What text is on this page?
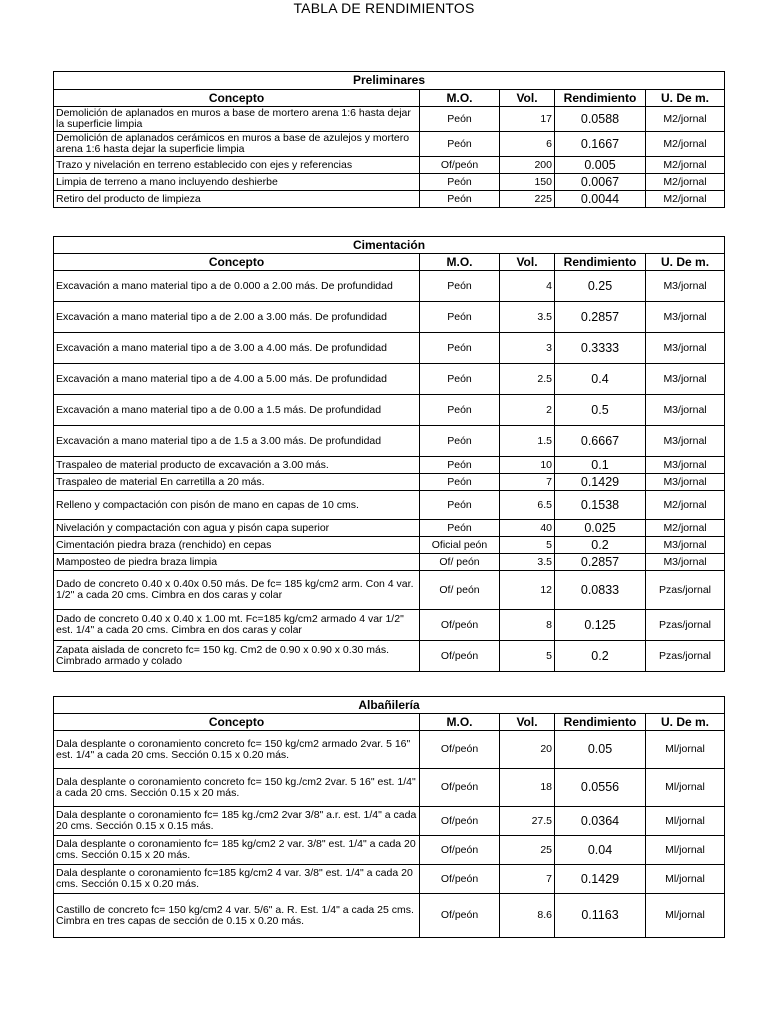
TABLA DE RENDIMIENTOS
Preliminares				
Concepto	M.O.	Vol.	Rendimiento	U. De m.
Demolición de aplanados en muros a base de mortero arena 1:6 hasta dejar la superficie limpia	Peón	17	0.0588	M2/jornal
Demolición de aplanados cerámicos en muros a base de azulejos y mortero arena 1:6 hasta dejar la superficie limpia	Peón	6	0.1667	M2/jornal
Trazo y nivelación en terreno establecido con ejes y referencias	Of/peón	200	0.005	M2/jornal
Limpia de terreno a mano incluyendo deshierbe	Peón	150	0.0067	M2/jornal
Retiro del producto de limpieza	Peón	225	0.0044	M2/jornal
Cimentación				
Concepto	M.O.	Vol.	Rendimiento	U. De m.
Excavación a mano material tipo a de 0.000 a 2.00 más. De profundidad	Peón	4	0.25	M3/jornal
Excavación a mano material tipo a de 2.00 a 3.00 más. De profundidad	Peón	3.5	0.2857	M3/jornal
Excavación a mano material tipo a de 3.00 a 4.00 más. De profundidad	Peón	3	0.3333	M3/jornal
Excavación a mano material tipo a de 4.00 a 5.00 más. De profundidad	Peón	2.5	0.4	M3/jornal
Excavación a mano material tipo a de 0.00 a 1.5 más. De profundidad	Peón	2	0.5	M3/jornal
Excavación a mano material tipo a de 1.5 a 3.00 más. De profundidad	Peón	1.5	0.6667	M3/jornal
Traspaleo de material producto de excavación a 3.00 más.	Peón	10	0.1	M3/jornal
Traspaleo de material En carretilla a 20 más.	Peón	7	0.1429	M3/jornal
Relleno y compactación con pisón de mano en capas de 10 cms.	Peón	6.5	0.1538	M2/jornal
Nivelación y compactación con agua y pisón capa superior	Peón	40	0.025	M2/jornal
Cimentación piedra braza (renchido) en cepas	Oficial peón	5	0.2	M3/jornal
Mamposteo de piedra braza limpia	Of/ peón	3.5	0.2857	M3/jornal
Dado de concreto 0.40 x 0.40x 0.50 más. De fc= 185 kg/cm2 arm. Con 4 var. 1/2" a cada 20 cms. Cimbra en dos caras y colar	Of/ peón	12	0.0833	Pzas/jornal
Dado de concreto 0.40 x 0.40 x 1.00 mt. Fc=185 kg/cm2 armado 4 var 1/2" est. 1/4" a cada 20 cms. Cimbra en dos caras y colar	Of/peón	8	0.125	Pzas/jornal
Zapata aislada de concreto fc= 150 kg. Cm2 de 0.90 x 0.90 x 0.30 más. Cimbrado armado y colado	Of/peón	5	0.2	Pzas/jornal
Albañilería				
Concepto	M.O.	Vol.	Rendimiento	U. De m.
Dala desplante o coronamiento concreto fc= 150 kg/cm2 armado 2var. 5 16" est. 1/4" a cada 20 cms. Sección 0.15 x 0.20 más.	Of/peón	20	0.05	Ml/jornal
Dala desplante o coronamiento concreto fc= 150 kg./cm2 2var. 5 16" est. 1/4" a cada 20 cms. Sección 0.15 x 20 más.	Of/peón	18	0.0556	Ml/jornal
Dala desplante o coronamiento fc= 185 kg./cm2 2var 3/8" a.r. est. 1/4" a cada 20 cms. Sección 0.15 x 0.15 más.	Of/peón	27.5	0.0364	Ml/jornal
Dala desplante o coronamiento fc= 185 kg/cm2 2 var. 3/8" est. 1/4" a cada 20 cms. Sección 0.15 x 20 más.	Of/peón	25	0.04	Ml/jornal
Dala desplante o coronamiento fc=185 kg/cm2 4 var. 3/8" est. 1/4" a cada 20 cms. Sección 0.15 x 0.20 más.	Of/peón	7	0.1429	Ml/jornal
Castillo de concreto fc= 150 kg/cm2 4 var. 5/6" a. R. Est. 1/4" a cada 25 cms. Cimbra en tres capas de sección de 0.15 x 0.20 más.	Of/peón	8.6	0.1163	Ml/jornal
